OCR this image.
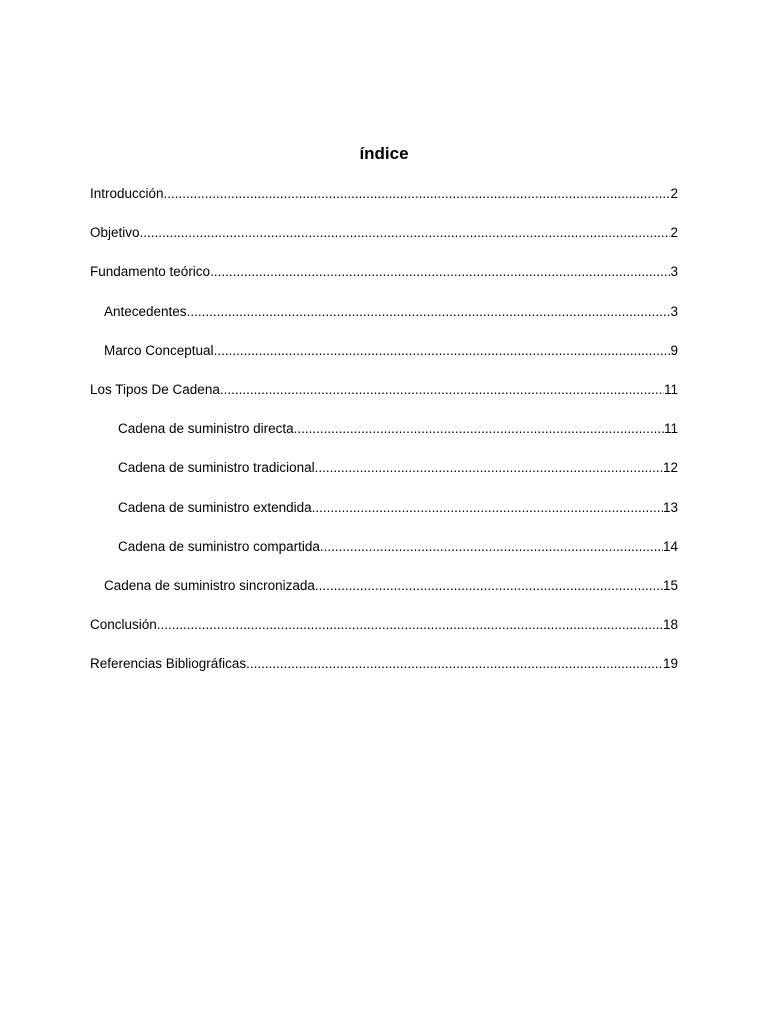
índice
Introducción .....	2
Objetivo .....	2
Fundamento teórico .....	3
Antecedentes .....	3
Marco Conceptual .....	9
Los Tipos De Cadena .....	11
Cadena de suministro directa .....	11
Cadena de suministro tradicional .....	12
Cadena de suministro extendida .....	13
Cadena de suministro compartida .....	14
Cadena de suministro sincronizada .....	15
Conclusión .....	18
Referencias Bibliográficas .....	19
